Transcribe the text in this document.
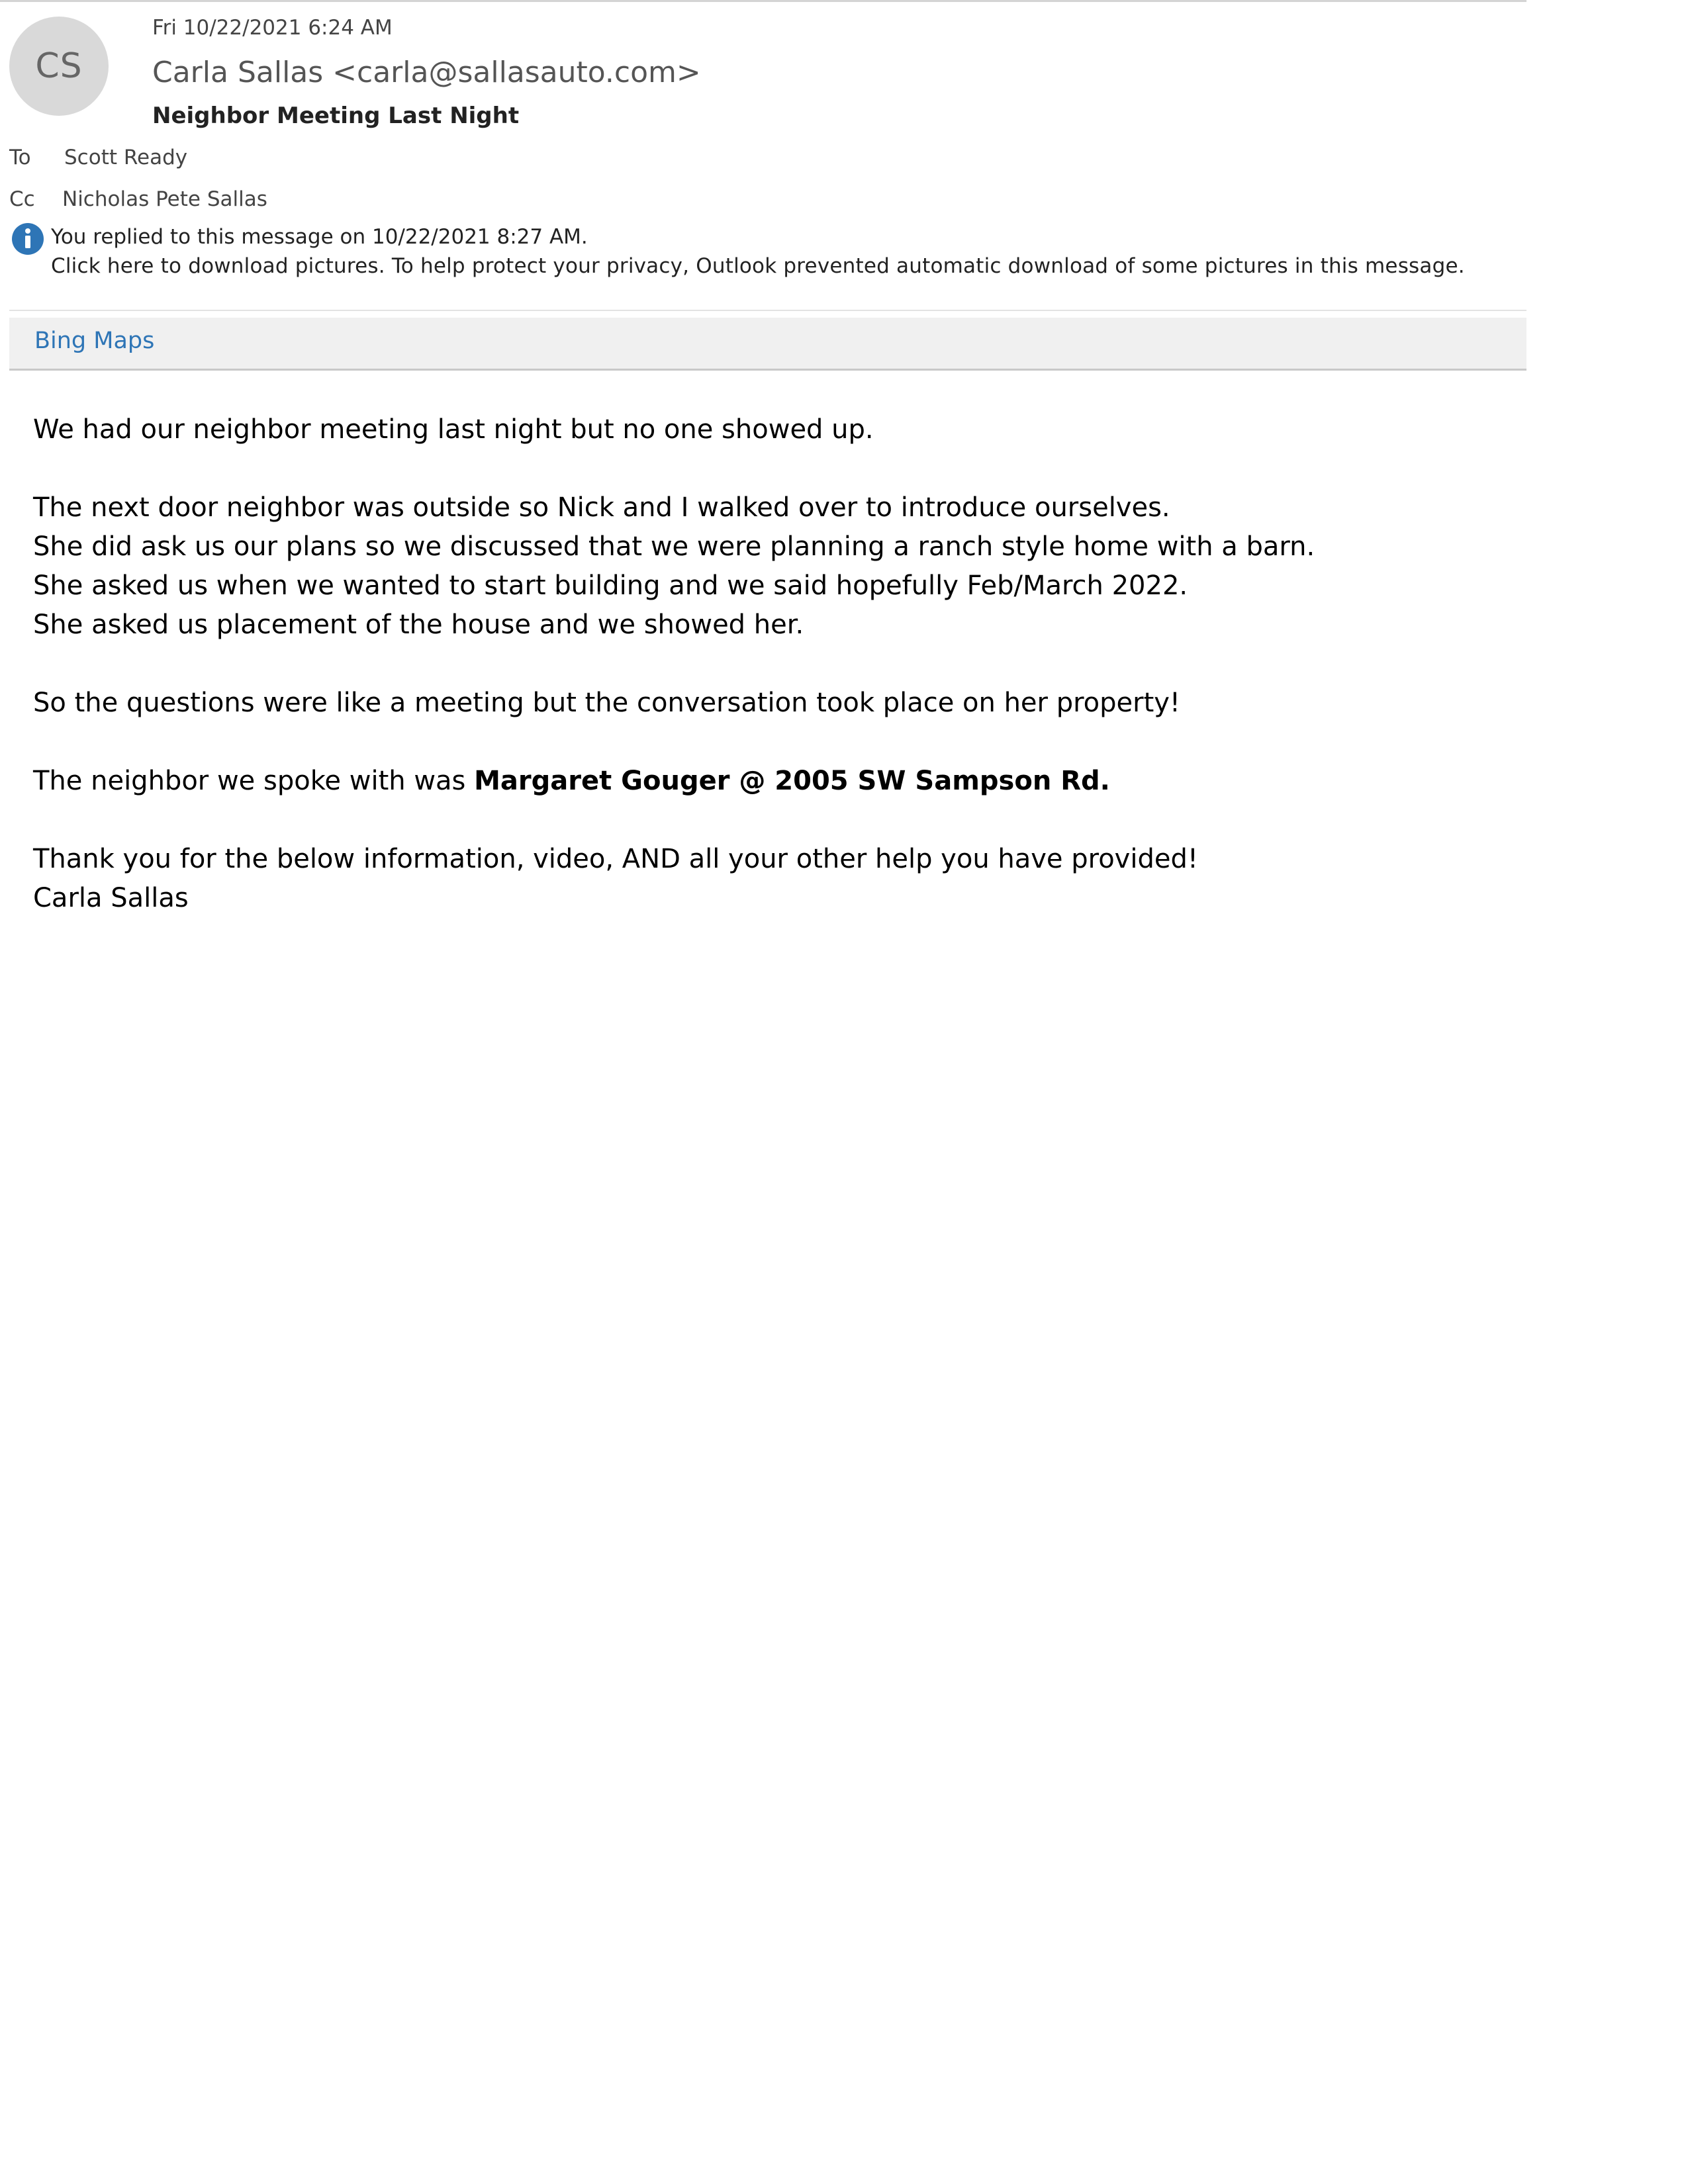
CS
Fri 10/22/2021 6:24 AM
Carla Sallas <carla@sallasauto.com>
Neighbor Meeting Last Night
To Scott Ready
Cc Nicholas Pete Sallas
You replied to this message on 10/22/2021 8:27 AM.
Click here to download pictures. To help protect your privacy, Outlook prevented automatic download of some pictures in this message.
Bing Maps

We had our neighbor meeting last night but no one showed up.

The next door neighbor was outside so Nick and I walked over to introduce ourselves.

She did ask us our plans so we discussed that we were planning a ranch style home with a barn.

She asked us when we wanted to start building and we said hopefully Feb/March 2022.

She asked us placement of the house and we showed her.

So the questions were like a meeting but the conversation took place on her property!

The neighbor we spoke with was Margaret Gouger @ 2005 SW Sampson Rd.

Thank you for the below information, video, AND all your other help you have provided!

Carla Sallas
